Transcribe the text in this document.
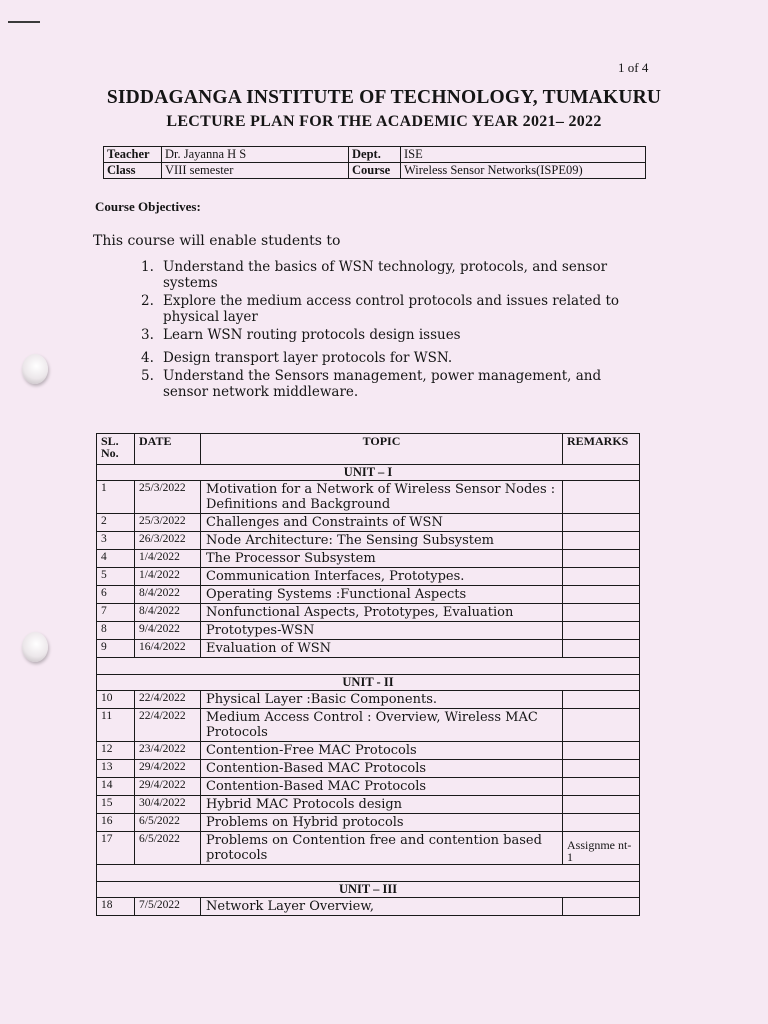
1 of 4
SIDDAGANGA INSTITUTE OF TECHNOLOGY, TUMAKURU
LECTURE PLAN FOR THE ACADEMIC YEAR 2021– 2022
Teacher	Dr. Jayanna H S	Dept.	ISE
Class	VIII semester	Course	Wireless Sensor Networks(ISPE09)
Course Objectives:
This course will enable students to
1. Understand the basics of WSN technology, protocols, and sensor systems
2. Explore the medium access control protocols and issues related to physical layer
3. Learn WSN routing protocols design issues
4. Design transport layer protocols for WSN.
5. Understand the Sensors management, power management, and sensor network middleware.
SL. No.	DATE	TOPIC	REMARKS
UNIT – I			
1	25/3/2022	Motivation for a Network of Wireless Sensor Nodes : Definitions and Background	
2	25/3/2022	Challenges and Constraints of WSN	
3	26/3/2022	Node Architecture: The Sensing Subsystem	
4	1/4/2022	The Processor Subsystem	
5	1/4/2022	Communication Interfaces, Prototypes.	
6	8/4/2022	Operating Systems :Functional Aspects	
7	8/4/2022	Nonfunctional Aspects, Prototypes, Evaluation	
8	9/4/2022	Prototypes-WSN	
9	16/4/2022	Evaluation of WSN	

UNIT - II			
10	22/4/2022	Physical Layer :Basic Components.	
11	22/4/2022	Medium Access Control : Overview, Wireless MAC Protocols	
12	23/4/2022	Contention-Free MAC Protocols	
13	29/4/2022	Contention-Based MAC Protocols	
14	29/4/2022	Contention-Based MAC Protocols	
15	30/4/2022	Hybrid MAC Protocols design	
16	6/5/2022	Problems on Hybrid protocols	
17	6/5/2022	Problems on Contention free and contention based protocols	Assignme nt-1

UNIT – III			
18	7/5/2022	Network Layer Overview,	
